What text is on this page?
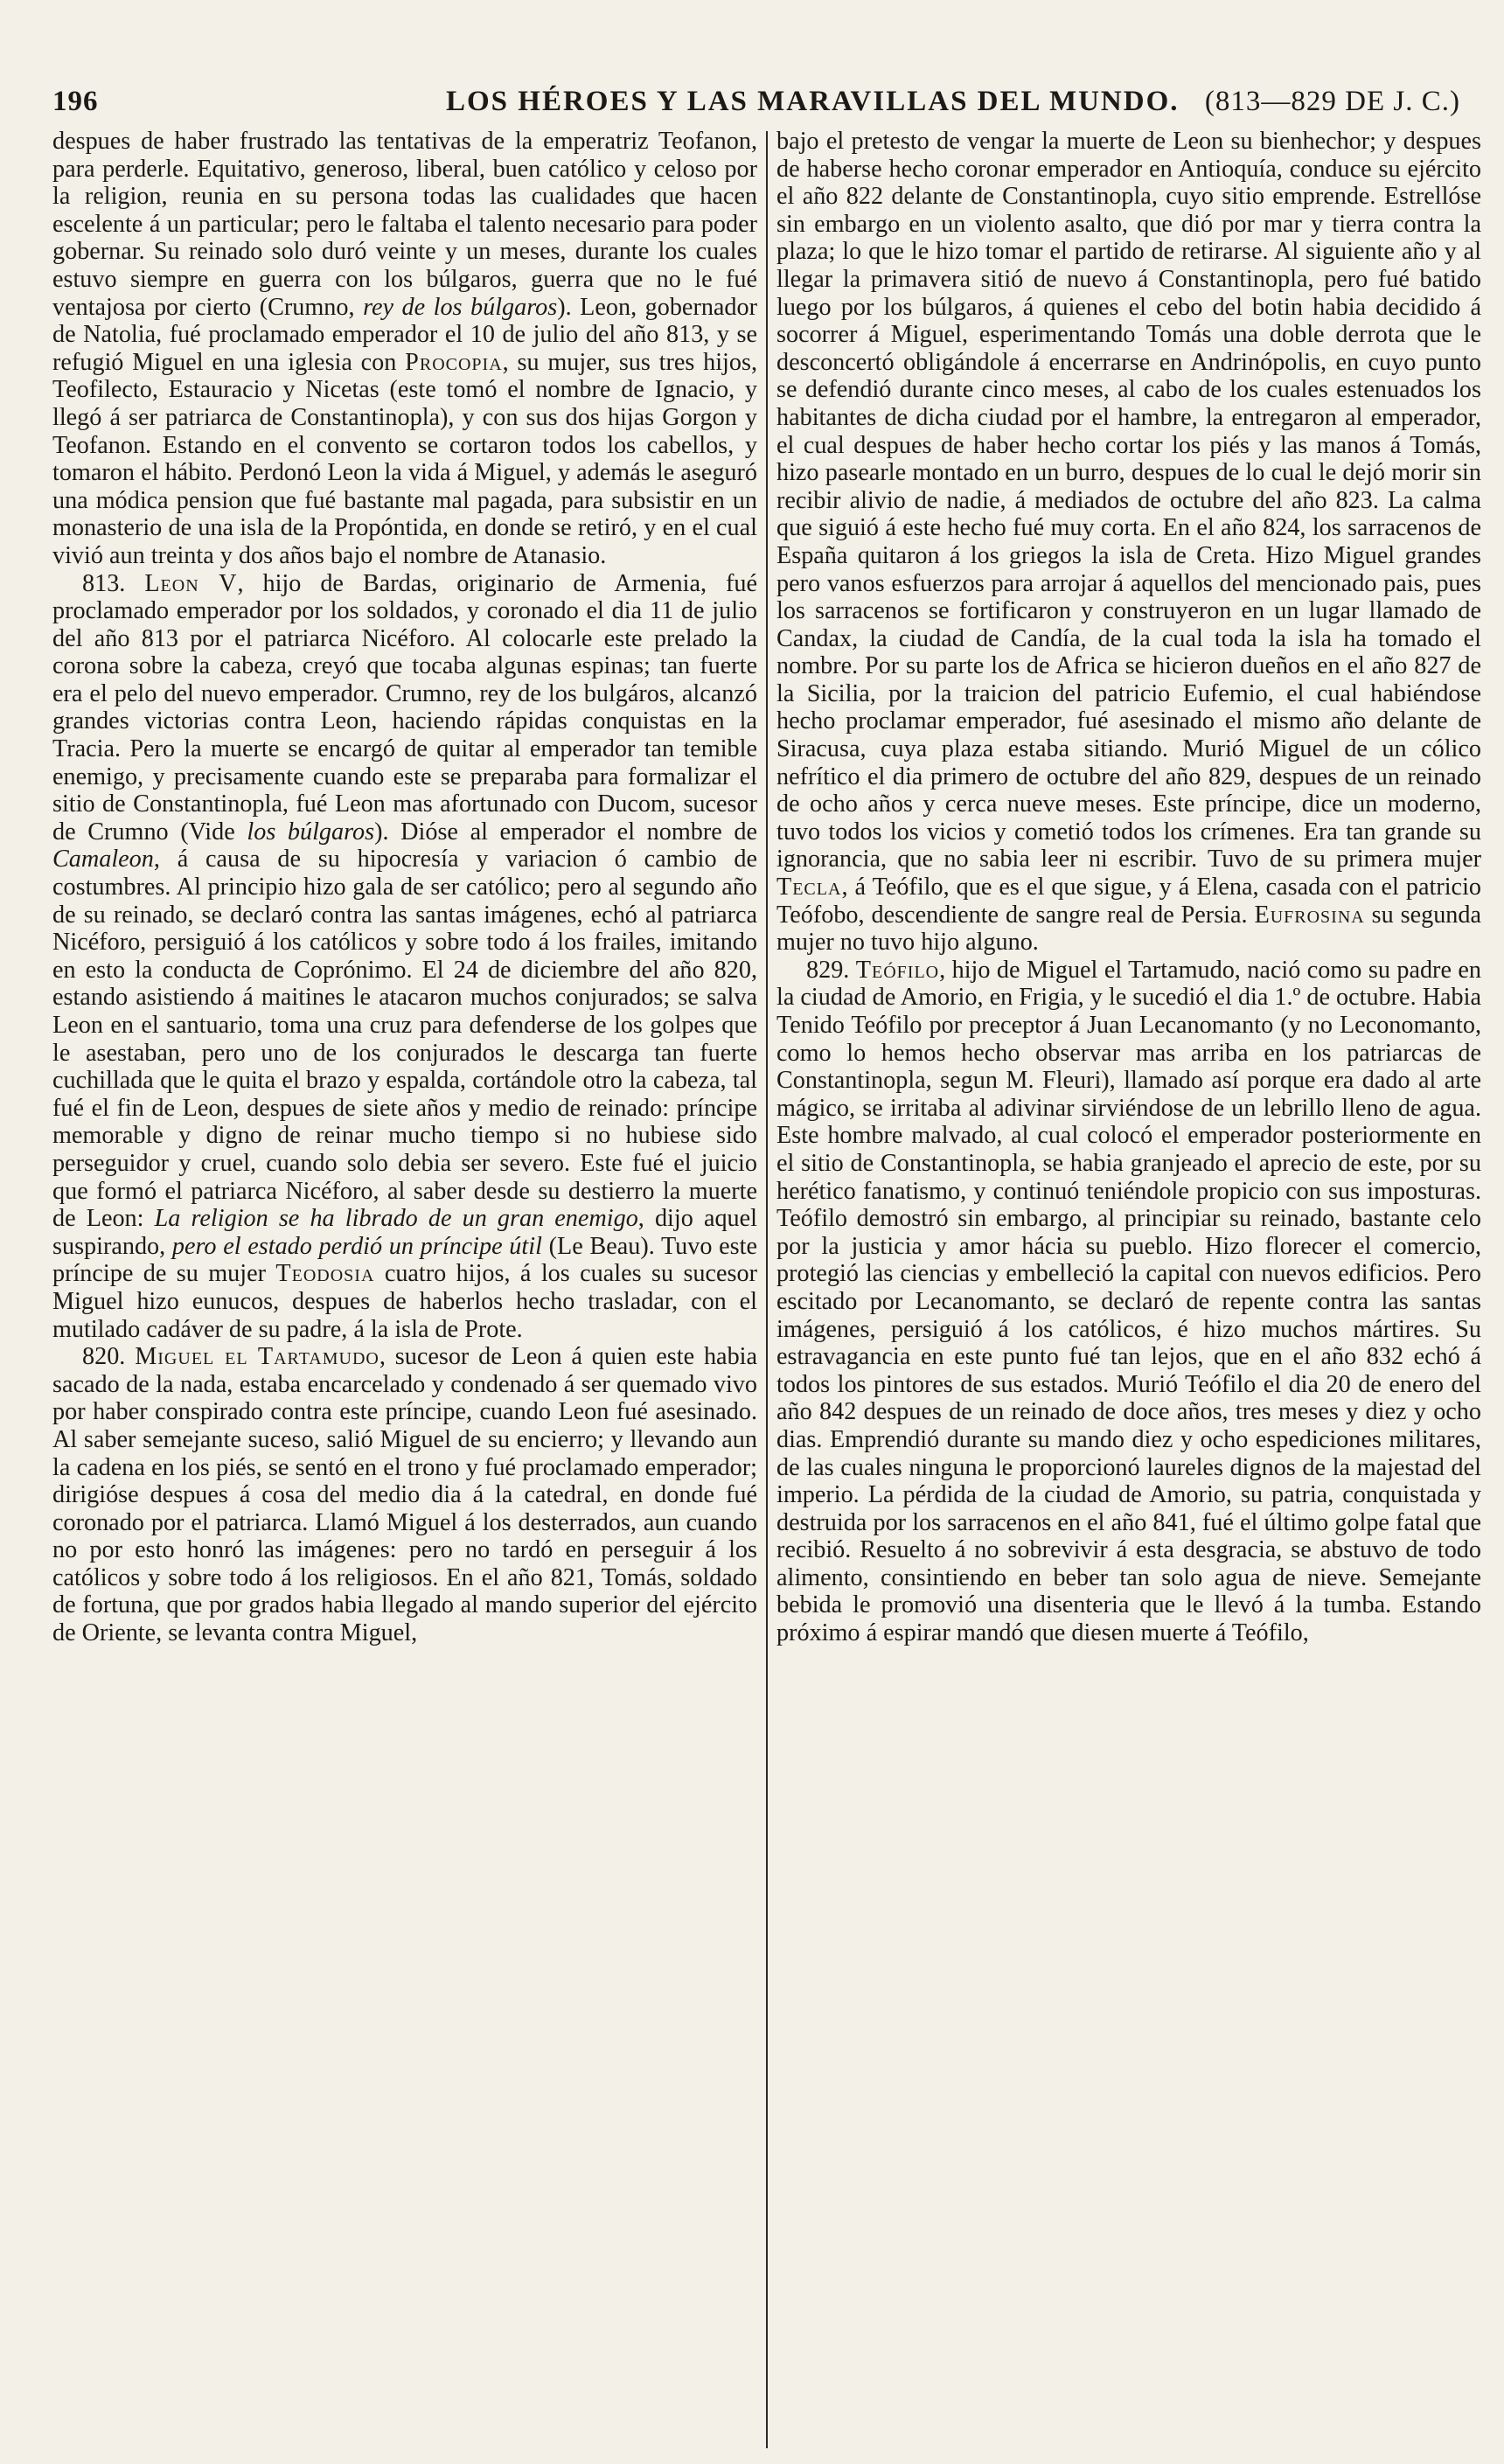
196	LOS HÉROES Y LAS MARAVILLAS DEL MUNDO. (813—829 DE J. C.)

despues de haber frustrado las tentativas de la emperatriz Teofanon, para perderle. Equitativo, generoso, liberal, buen católico y celoso por la religion, reunia en su persona todas las cualidades que hacen escelente á un particular; pero le faltaba el talento necesario para poder gobernar. Su reinado solo duró veinte y un meses, durante los cuales estuvo siempre en guerra con los búlgaros, guerra que no le fué ventajosa por cierto (Crumno, rey de los búlgaros). Leon, gobernador de Natolia, fué proclamado emperador el 10 de julio del año 813, y se refugió Miguel en una iglesia con Procopia, su mujer, sus tres hijos, Teofilecto, Estauracio y Nicetas (este tomó el nombre de Ignacio, y llegó á ser patriarca de Constantinopla), y con sus dos hijas Gorgon y Teofanon. Estando en el convento se cortaron todos los cabellos, y tomaron el hábito. Perdonó Leon la vida á Miguel, y además le aseguró una módica pension que fué bastante mal pagada, para subsistir en un monasterio de una isla de la Propóntida, en donde se retiró, y en el cual vivió aun treinta y dos años bajo el nombre de Atanasio.

813. Leon V, hijo de Bardas, originario de Armenia, fué proclamado emperador por los soldados, y coronado el dia 11 de julio del año 813 por el patriarca Nicéforo. Al colocarle este prelado la corona sobre la cabeza, creyó que tocaba algunas espinas; tan fuerte era el pelo del nuevo emperador. Crumno, rey de los bulgáros, alcanzó grandes victorias contra Leon, haciendo rápidas conquistas en la Tracia. Pero la muerte se encargó de quitar al emperador tan temible enemigo, y precisamente cuando este se preparaba para formalizar el sitio de Constantinopla, fué Leon mas afortunado con Ducom, sucesor de Crumno (Vide los búlgaros). Dióse al emperador el nombre de Camaleon, á causa de su hipocresía y variacion ó cambio de costumbres. Al principio hizo gala de ser católico; pero al segundo año de su reinado, se declaró contra las santas imágenes, echó al patriarca Nicéforo, persiguió á los católicos y sobre todo á los frailes, imitando en esto la conducta de Coprónimo. El 24 de diciembre del año 820, estando asistiendo á maitines le atacaron muchos conjurados; se salva Leon en el santuario, toma una cruz para defenderse de los golpes que le asestaban, pero uno de los conjurados le descarga tan fuerte cuchillada que le quita el brazo y espalda, cortándole otro la cabeza, tal fué el fin de Leon, despues de siete años y medio de reinado: príncipe memorable y digno de reinar mucho tiempo si no hubiese sido perseguidor y cruel, cuando solo debia ser severo. Este fué el juicio que formó el patriarca Nicéforo, al saber desde su destierro la muerte de Leon: La religion se ha librado de un gran enemigo, dijo aquel suspirando, pero el estado perdió un príncipe útil (Le Beau). Tuvo este príncipe de su mujer Teodosia cuatro hijos, á los cuales su sucesor Miguel hizo eunucos, despues de haberlos hecho trasladar, con el mutilado cadáver de su padre, á la isla de Prote.

820. Miguel el Tartamudo, sucesor de Leon á quien este habia sacado de la nada, estaba encarcelado y condenado á ser quemado vivo por haber conspirado contra este príncipe, cuando Leon fué asesinado. Al saber semejante suceso, salió Miguel de su encierro; y llevando aun la cadena en los piés, se sentó en el trono y fué proclamado emperador; dirigióse despues á cosa del medio dia á la catedral, en donde fué coronado por el patriarca. Llamó Miguel á los desterrados, aun cuando no por esto honró las imágenes: pero no tardó en perseguir á los católicos y sobre todo á los religiosos. En el año 821, Tomás, soldado de fortuna, que por grados habia llegado al mando superior del ejército de Oriente, se levanta contra Miguel,

bajo el pretesto de vengar la muerte de Leon su bienhechor; y despues de haberse hecho coronar emperador en Antioquía, conduce su ejército el año 822 delante de Constantinopla, cuyo sitio emprende. Estrellóse sin embargo en un violento asalto, que dió por mar y tierra contra la plaza; lo que le hizo tomar el partido de retirarse. Al siguiente año y al llegar la primavera sitió de nuevo á Constantinopla, pero fué batido luego por los búlgaros, á quienes el cebo del botin habia decidido á socorrer á Miguel, esperimentando Tomás una doble derrota que le desconcertó obligándole á encerrarse en Andrinópolis, en cuyo punto se defendió durante cinco meses, al cabo de los cuales estenuados los habitantes de dicha ciudad por el hambre, la entregaron al emperador, el cual despues de haber hecho cortar los piés y las manos á Tomás, hizo pasearle montado en un burro, despues de lo cual le dejó morir sin recibir alivio de nadie, á mediados de octubre del año 823. La calma que siguió á este hecho fué muy corta. En el año 824, los sarracenos de España quitaron á los griegos la isla de Creta. Hizo Miguel grandes pero vanos esfuerzos para arrojar á aquellos del mencionado pais, pues los sarracenos se fortificaron y construyeron en un lugar llamado de Candax, la ciudad de Candía, de la cual toda la isla ha tomado el nombre. Por su parte los de Africa se hicieron dueños en el año 827 de la Sicilia, por la traicion del patricio Eufemio, el cual habiéndose hecho proclamar emperador, fué asesinado el mismo año delante de Siracusa, cuya plaza estaba sitiando. Murió Miguel de un cólico nefrítico el dia primero de octubre del año 829, despues de un reinado de ocho años y cerca nueve meses. Este príncipe, dice un moderno, tuvo todos los vicios y cometió todos los crímenes. Era tan grande su ignorancia, que no sabia leer ni escribir. Tuvo de su primera mujer Tecla, á Teófilo, que es el que sigue, y á Elena, casada con el patricio Teófobo, descendiente de sangre real de Persia. Eufrosina su segunda mujer no tuvo hijo alguno.

829. Teófilo, hijo de Miguel el Tartamudo, nació como su padre en la ciudad de Amorio, en Frigia, y le sucedió el dia 1.º de octubre. Habia Tenido Teófilo por preceptor á Juan Lecanomanto (y no Leconomanto, como lo hemos hecho observar mas arriba en los patriarcas de Constantinopla, segun M. Fleuri), llamado así porque era dado al arte mágico, se irritaba al adivinar sirviéndose de un lebrillo lleno de agua. Este hombre malvado, al cual colocó el emperador posteriormente en el sitio de Constantinopla, se habia granjeado el aprecio de este, por su herético fanatismo, y continuó teniéndole propicio con sus imposturas. Teófilo demostró sin embargo, al principiar su reinado, bastante celo por la justicia y amor hácia su pueblo. Hizo florecer el comercio, protegió las ciencias y embelleció la capital con nuevos edificios. Pero escitado por Lecanomanto, se declaró de repente contra las santas imágenes, persiguió á los católicos, é hizo muchos mártires. Su estravagancia en este punto fué tan lejos, que en el año 832 echó á todos los pintores de sus estados. Murió Teófilo el dia 20 de enero del año 842 despues de un reinado de doce años, tres meses y diez y ocho dias. Emprendió durante su mando diez y ocho espediciones militares, de las cuales ninguna le proporcionó laureles dignos de la majestad del imperio. La pérdida de la ciudad de Amorio, su patria, conquistada y destruida por los sarracenos en el año 841, fué el último golpe fatal que recibió. Resuelto á no sobrevivir á esta desgracia, se abstuvo de todo alimento, consintiendo en beber tan solo agua de nieve. Semejante bebida le promovió una disenteria que le llevó á la tumba. Estando próximo á espirar mandó que diesen muerte á Teófilo,
